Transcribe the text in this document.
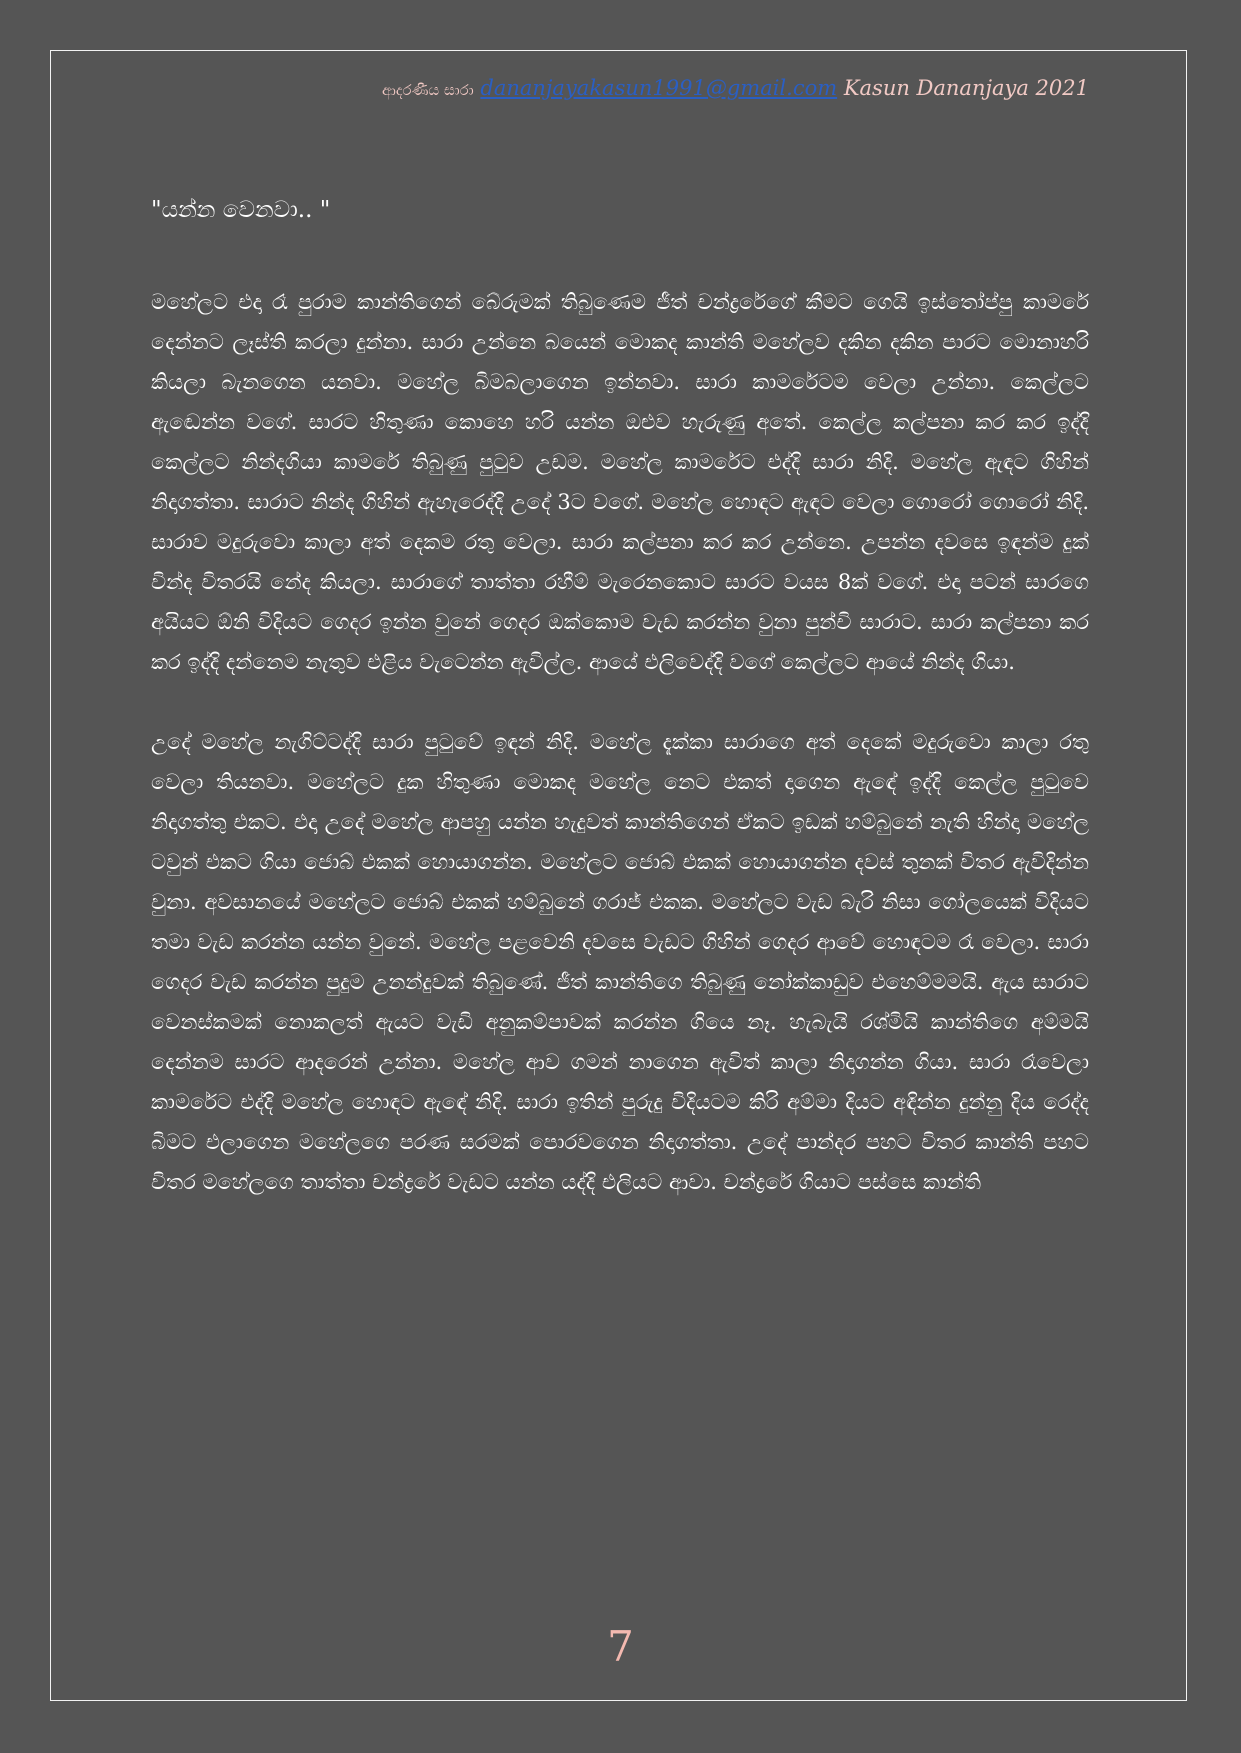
ආදරණීය සාරා dananjayakasun1991@gmail.com Kasun Dananjaya 2021

"යන්න වෙනවා.. "

මහේලට එදා රෑ පුරාම කාන්තිගෙන් බේරුමක් තිබුණෙම ජීත් චන්ද්‍රරේගේ කීමට ගෙයි ඉස්තෝප්පු කාමරේ දෙන්නට ලෑස්ති කරලා දුන්නා. සාරා උන්නෙ බයෙන් මොකද කාන්ති මහේලව දකින දකින පාරට මොනාහරි කියලා බැනගෙන යනවා. මහේල බිමබලාගෙන ඉන්නවා. සාරා කාමරේටම වෙලා උන්නා. කෙල්ලට ඇඬෙන්න වගේ. සාරට හිතුණා කොහෙ හරි යන්න ඔළුව හැරුණු අතේ. කෙල්ල කල්පනා කර කර ඉද්දි කෙල්ලට නින්දගියා කාමරේ තිබුණු පුටුව උඩම. මහේල කාමරේට එද්දි සාරා නිදි. මහේල ඇඳට ගිහින් නිදාගත්තා. සාරාට නින්ද ගිහින් ඇහැරෙද්දි උදේ 3ට වගේ. මහේල හොඳට ඇඳට වෙලා ගොරෝ ගොරෝ නිදි. සාරාව මදුරුවො කාලා අත් දෙකම රතු වෙලා. සාරා කල්පනා කර කර උන්නෙ. උපන්න දවසෙ ඉඳන්ම දුක් වින්ද විතරයි නේද කියලා. සාරාගේ තාත්තා රහීම් මැරෙනකොට සාරට වයස 8ක් වගේ. එදා පටන් සාරගෙ අයියට ඕනි විදියට ගෙදර ඉන්න වුනේ ගෙදර ඔක්කොම වැඩ කරන්න වුනා පුන්චි සාරාට. සාරා කල්පනා කර කර ඉද්දි දන්නෙම නැතුව එළිය වැටෙන්න ඇවිල්ල. ආයේ එලිවෙද්දි වගේ කෙල්ලට ආයේ නින්ද ගියා.

උදේ මහේල නැගිට්ටද්දි සාරා පුටුවේ ඉඳන් නිදි. මහේල දැක්කා සාරාගෙ අත් දෙකේ මදුරුවො කාලා රතු වෙලා තියනවා. මහේලට දුක හිතුණා මොකද මහේල නෙට එකත් දාගෙන ඇඳේ ඉද්දි කෙල්ල පුටුවෙ නිදාගත්තු එකට. එදා උදේ මහේල ආපහු යන්න හැදුවත් කාන්තිගෙන් ඒකට ඉඩක් හම්බුනේ නැති හින්දා මහේල ටවුන් එකට ගියා ජොබ් එකක් හොයාගන්න. මහේලට ජොබ් එකක් හොයාගන්න දවස් තුනක් විතර ඇවිදින්න වුනා. අවසානයේ මහේලට ජොබ් එකක් හම්බුනේ ගරාජ් එකක. මහේලට වැඩ බැරි නිසා ගෝලයෙක් විදියට තමා වැඩ කරන්න යන්න වුනේ. මහේල පළවෙනි දවසෙ වැඩට ගිහින් ගෙදර ආවේ හොඳටම රෑ වෙලා. සාරා ගෙදර වැඩ කරන්න පුදුම උනන්දුවක් තිබුණේ. ජීත් කාන්තිගෙ තිබුණු නෝක්කාඩුව එහෙම්මමයි. ඇය සාරාට වෙනස්කමක් නොකලත් ඇයට වැඩි අනුකම්පාවක් කරන්න ගියෙ නෑ. හැබැයි රශ්මියි කාන්තිගෙ අම්මයි දෙන්නම සාරට ආදරෙන් උන්නා. මහේල ආව ගමන් නාගෙන ඇවිත් කාලා නිදාගන්න ගියා. සාරා රෑවෙලා කාමරේට එද්දි මහේල හොඳට ඇඳේ නිදි. සාරා ඉතින් පුරුදු විදියටම කිරි අම්මා දියට අඳින්න දුන්නු දිය රෙද්ද බිමට එලාගෙන මහේලගෙ පරණ සරමක් පොරවගෙන නිදාගත්තා. උදේ පාන්දර පහට විතර කාන්ති පහට විතර මහේලගෙ තාත්තා චන්ද්‍රරේ වැඩට යන්න යද්දි එලියට ආවා. චන්ද්‍රරේ ගියාට පස්සෙ කාන්ති

7
